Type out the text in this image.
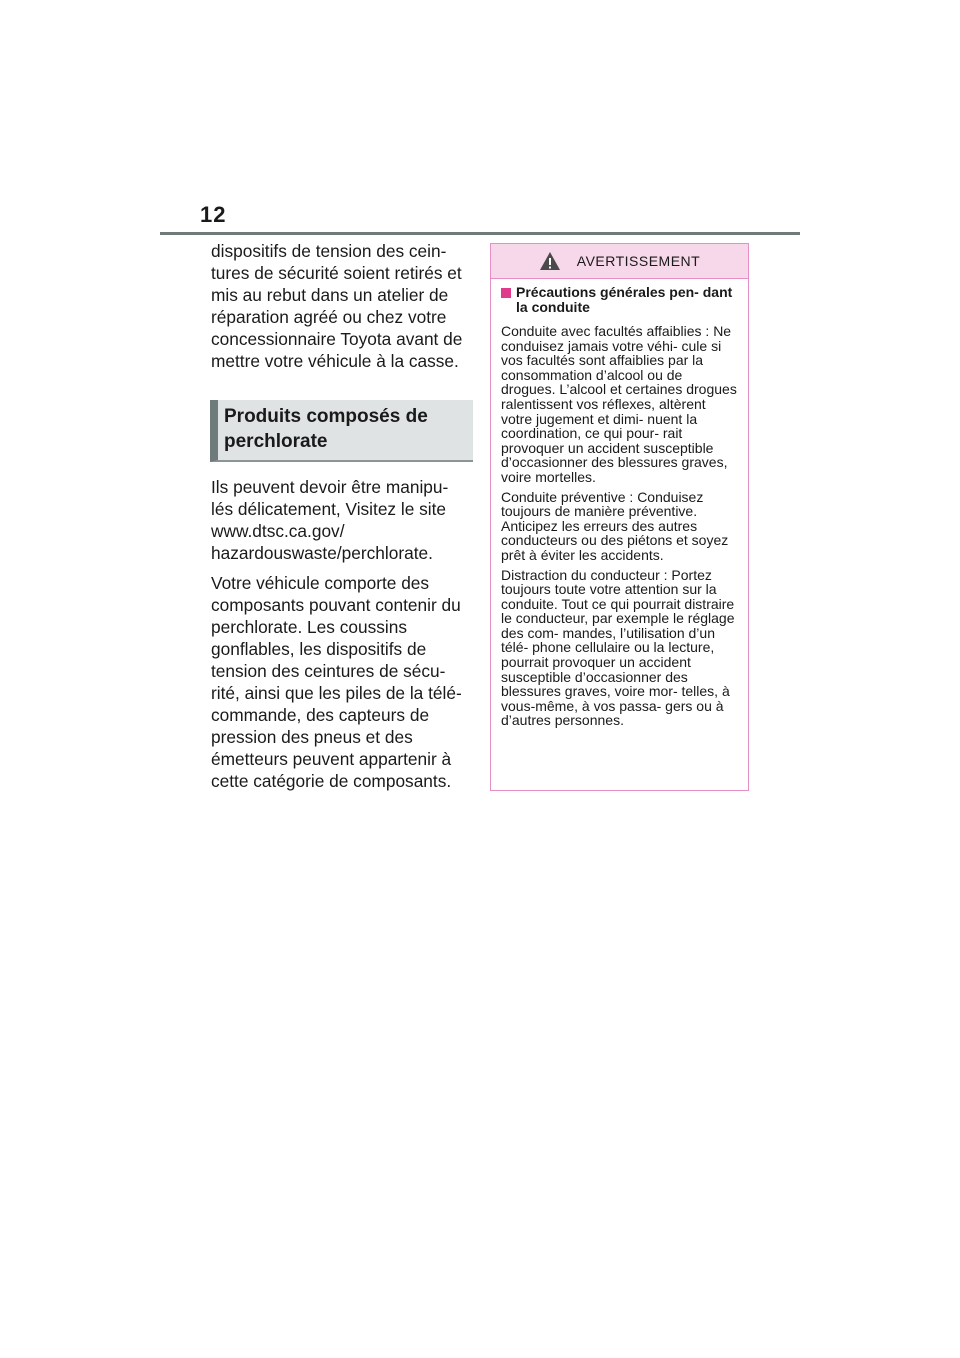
12

dispositifs de tension des cein- tures de sécurité soient retirés et mis au rebut dans un atelier de réparation agréé ou chez votre concessionnaire Toyota avant de mettre votre véhicule à la casse.

Produits composés de perchlorate

Ils peuvent devoir être manipu- lés délicatement, Visitez le site www.dtsc.ca.gov/ hazardouswaste/perchlorate.

Votre véhicule comporte des composants pouvant contenir du perchlorate. Les coussins gonflables, les dispositifs de tension des ceintures de sécu- rité, ainsi que les piles de la télé- commande, des capteurs de pression des pneus et des émetteurs peuvent appartenir à cette catégorie de composants.

AVERTISSEMENT
Précautions générales pen- dant la conduite

Conduite avec facultés affaiblies : Ne conduisez jamais votre véhi- cule si vos facultés sont affaiblies par la consommation d’alcool ou de drogues. L’alcool et certaines drogues ralentissent vos réflexes, altèrent votre jugement et dimi- nuent la coordination, ce qui pour- rait provoquer un accident susceptible d’occasionner des blessures graves, voire mortelles.

Conduite préventive : Conduisez toujours de manière préventive. Anticipez les erreurs des autres conducteurs ou des piétons et soyez prêt à éviter les accidents.

Distraction du conducteur : Portez toujours toute votre attention sur la conduite. Tout ce qui pourrait distraire le conducteur, par exemple le réglage des com- mandes, l’utilisation d’un télé- phone cellulaire ou la lecture, pourrait provoquer un accident susceptible d’occasionner des blessures graves, voire mor- telles, à vous-même, à vos passa- gers ou à d’autres personnes.
